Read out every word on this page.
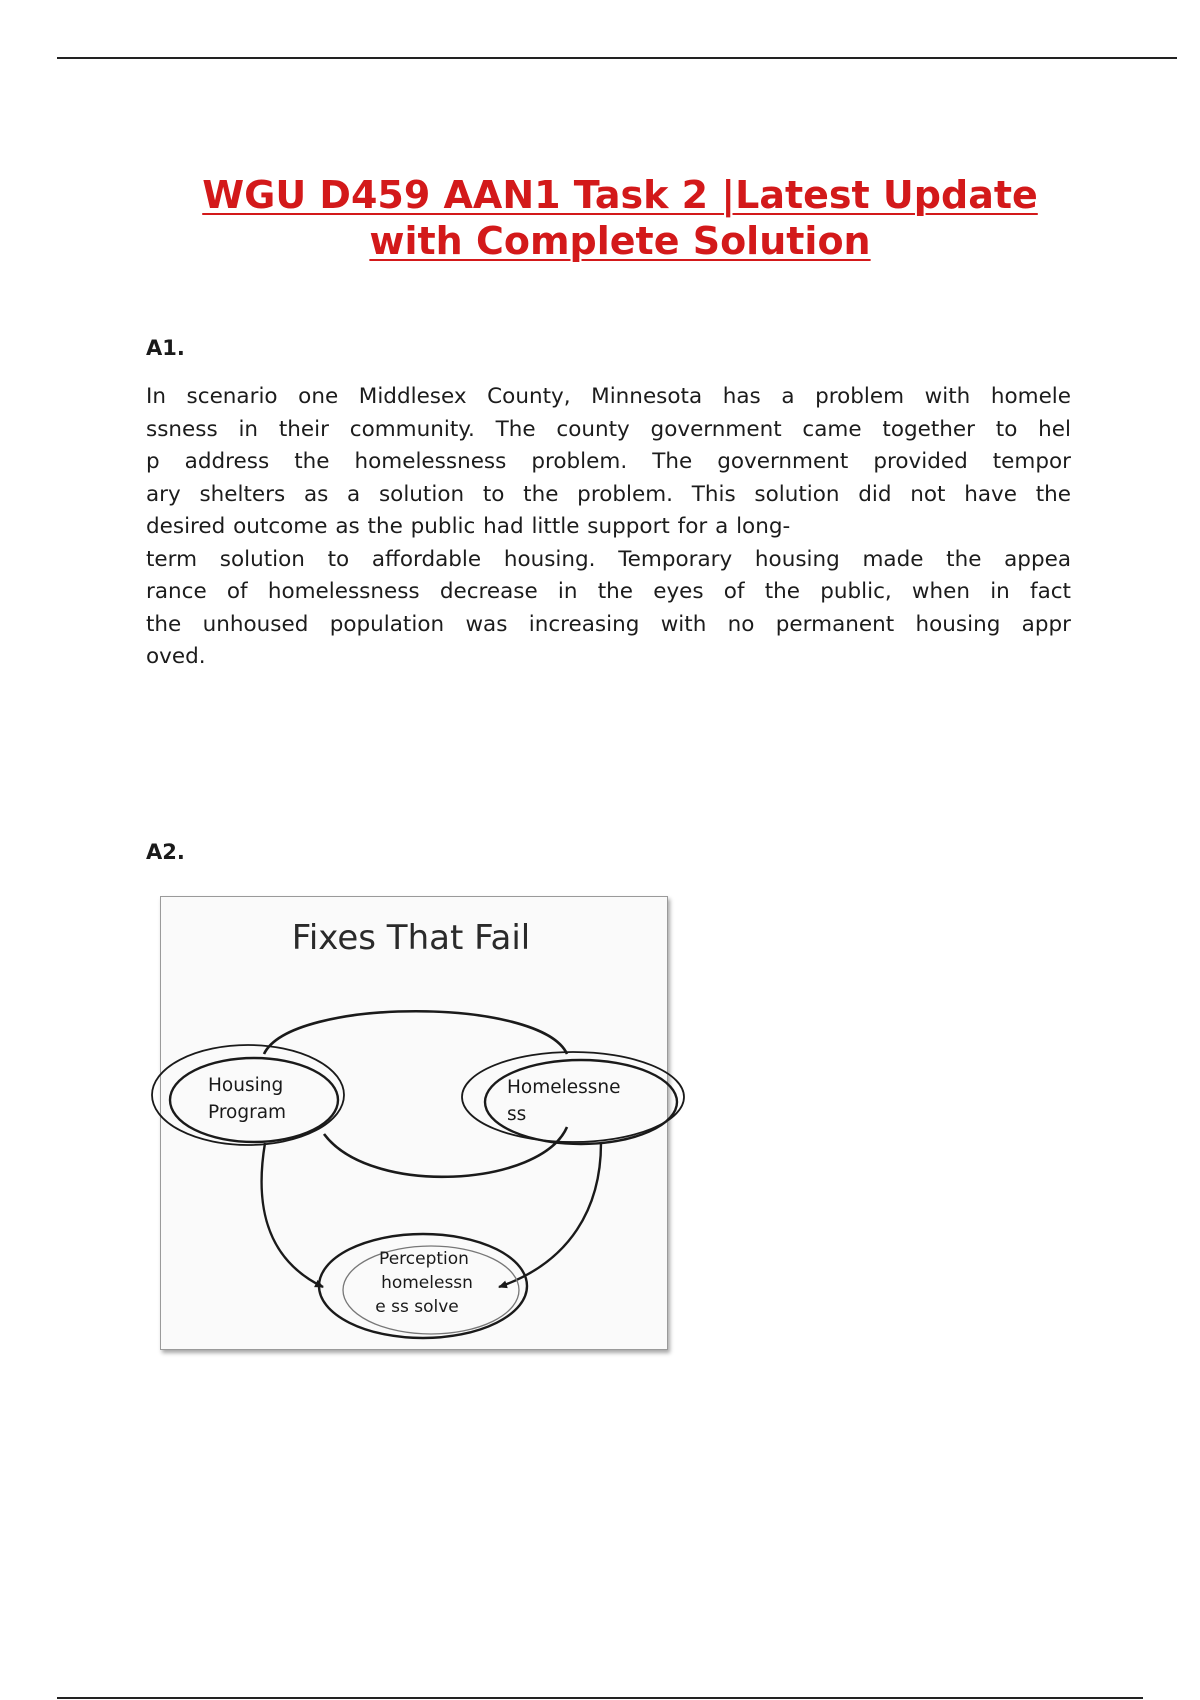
WGU D459 AAN1 Task 2 |Latest Update
with Complete Solution
A1.

In scenario one Middlesex County, Minnesota has a problem with homele
ssness in their community. The county government came together to hel
p address the homelessness problem. The government provided tempor
ary shelters as a solution to the problem. This solution did not have the
desired outcome as the public had little support for a long-
term solution to affordable housing. Temporary housing made the appea
rance of homelessness decrease in the eyes of the public, when in fact
the unhoused population was increasing with no permanent housing appr
oved.

A2.
Fixes That Fail
Housing
Program
Homelessne
ss
Perception
homelessn
e ss solve
